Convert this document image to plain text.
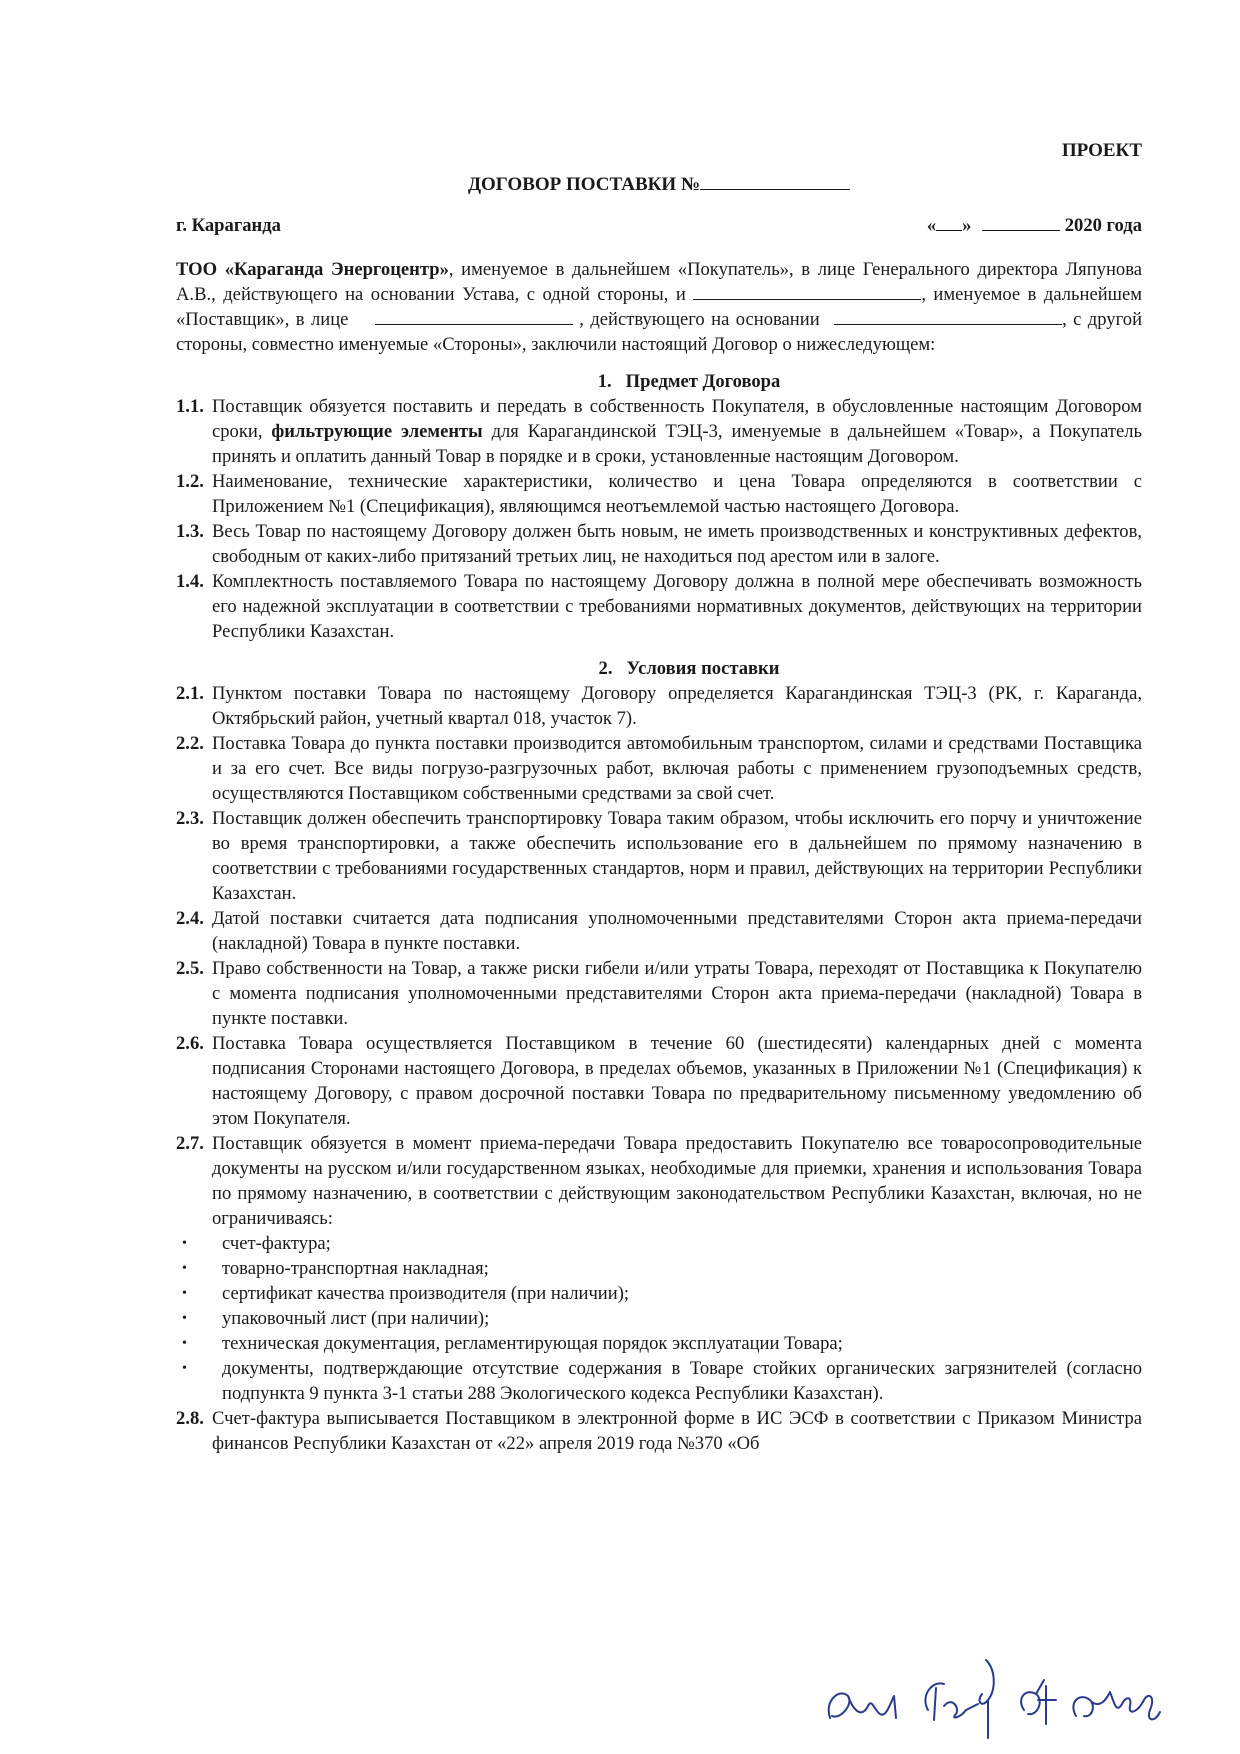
ПРОЕКТ
ДОГОВОР ПОСТАВКИ №
г. Караганда	« »	2020 года
ТОО «Караганда Энергоцентр», именуемое в дальнейшем «Покупатель», в лице Генерального директора Ляпунова А.В., действующего на основании Устава, с одной стороны, и	, именуемое в дальнейшем «Поставщик», в лице	, действующего на основании	, с другой стороны, совместно именуемые «Стороны», заключили настоящий Договор о нижеследующем:
1. Предмет Договора
1.1. Поставщик обязуется поставить и передать в собственность Покупателя, в обусловленные настоящим Договором сроки, фильтрующие элементы для Карагандинской ТЭЦ-3, именуемые в дальнейшем «Товар», а Покупатель принять и оплатить данный Товар в порядке и в сроки, установленные настоящим Договором.
1.2. Наименование, технические характеристики, количество и цена Товара определяются в соответствии с Приложением №1 (Спецификация), являющимся неотъемлемой частью настоящего Договора.
1.3. Весь Товар по настоящему Договору должен быть новым, не иметь производственных и конструктивных дефектов, свободным от каких-либо притязаний третьих лиц, не находиться под арестом или в залоге.
1.4. Комплектность поставляемого Товара по настоящему Договору должна в полной мере обеспечивать возможность его надежной эксплуатации в соответствии с требованиями нормативных документов, действующих на территории Республики Казахстан.
2. Условия поставки
2.1. Пунктом поставки Товара по настоящему Договору определяется Карагандинская ТЭЦ-3 (РК, г. Караганда, Октябрьский район, учетный квартал 018, участок 7).
2.2. Поставка Товара до пункта поставки производится автомобильным транспортом, силами и средствами Поставщика и за его счет. Все виды погрузо-разгрузочных работ, включая работы с применением грузоподъемных средств, осуществляются Поставщиком собственными средствами за свой счет.
2.3. Поставщик должен обеспечить транспортировку Товара таким образом, чтобы исключить его порчу и уничтожение во время транспортировки, а также обеспечить использование его в дальнейшем по прямому назначению в соответствии с требованиями государственных стандартов, норм и правил, действующих на территории Республики Казахстан.
2.4. Датой поставки считается дата подписания уполномоченными представителями Сторон акта приема-передачи (накладной) Товара в пункте поставки.
2.5. Право собственности на Товар, а также риски гибели и/или утраты Товара, переходят от Поставщика к Покупателю с момента подписания уполномоченными представителями Сторон акта приема-передачи (накладной) Товара в пункте поставки.
2.6. Поставка Товара осуществляется Поставщиком в течение 60 (шестидесяти) календарных дней с момента подписания Сторонами настоящего Договора, в пределах объемов, указанных в Приложении №1 (Спецификация) к настоящему Договору, с правом досрочной поставки Товара по предварительному письменному уведомлению об этом Покупателя.
2.7. Поставщик обязуется в момент приема-передачи Товара предоставить Покупателю все товаросопроводительные документы на русском и/или государственном языках, необходимые для приемки, хранения и использования Товара по прямому назначению, в соответствии с действующим законодательством Республики Казахстан, включая, но не ограничиваясь:
•	счет-фактура;
•	товарно-транспортная накладная;
•	сертификат качества производителя (при наличии);
•	упаковочный лист (при наличии);
•	техническая документация, регламентирующая порядок эксплуатации Товара;
•	документы, подтверждающие отсутствие содержания в Товаре стойких органических загрязнителей (согласно подпункта 9 пункта 3-1 статьи 288 Экологического кодекса Республики Казахстан).
2.8. Счет-фактура выписывается Поставщиком в электронной форме в ИС ЭСФ в соответствии с Приказом Министра финансов Республики Казахстан от «22» апреля 2019 года №370 «Об
